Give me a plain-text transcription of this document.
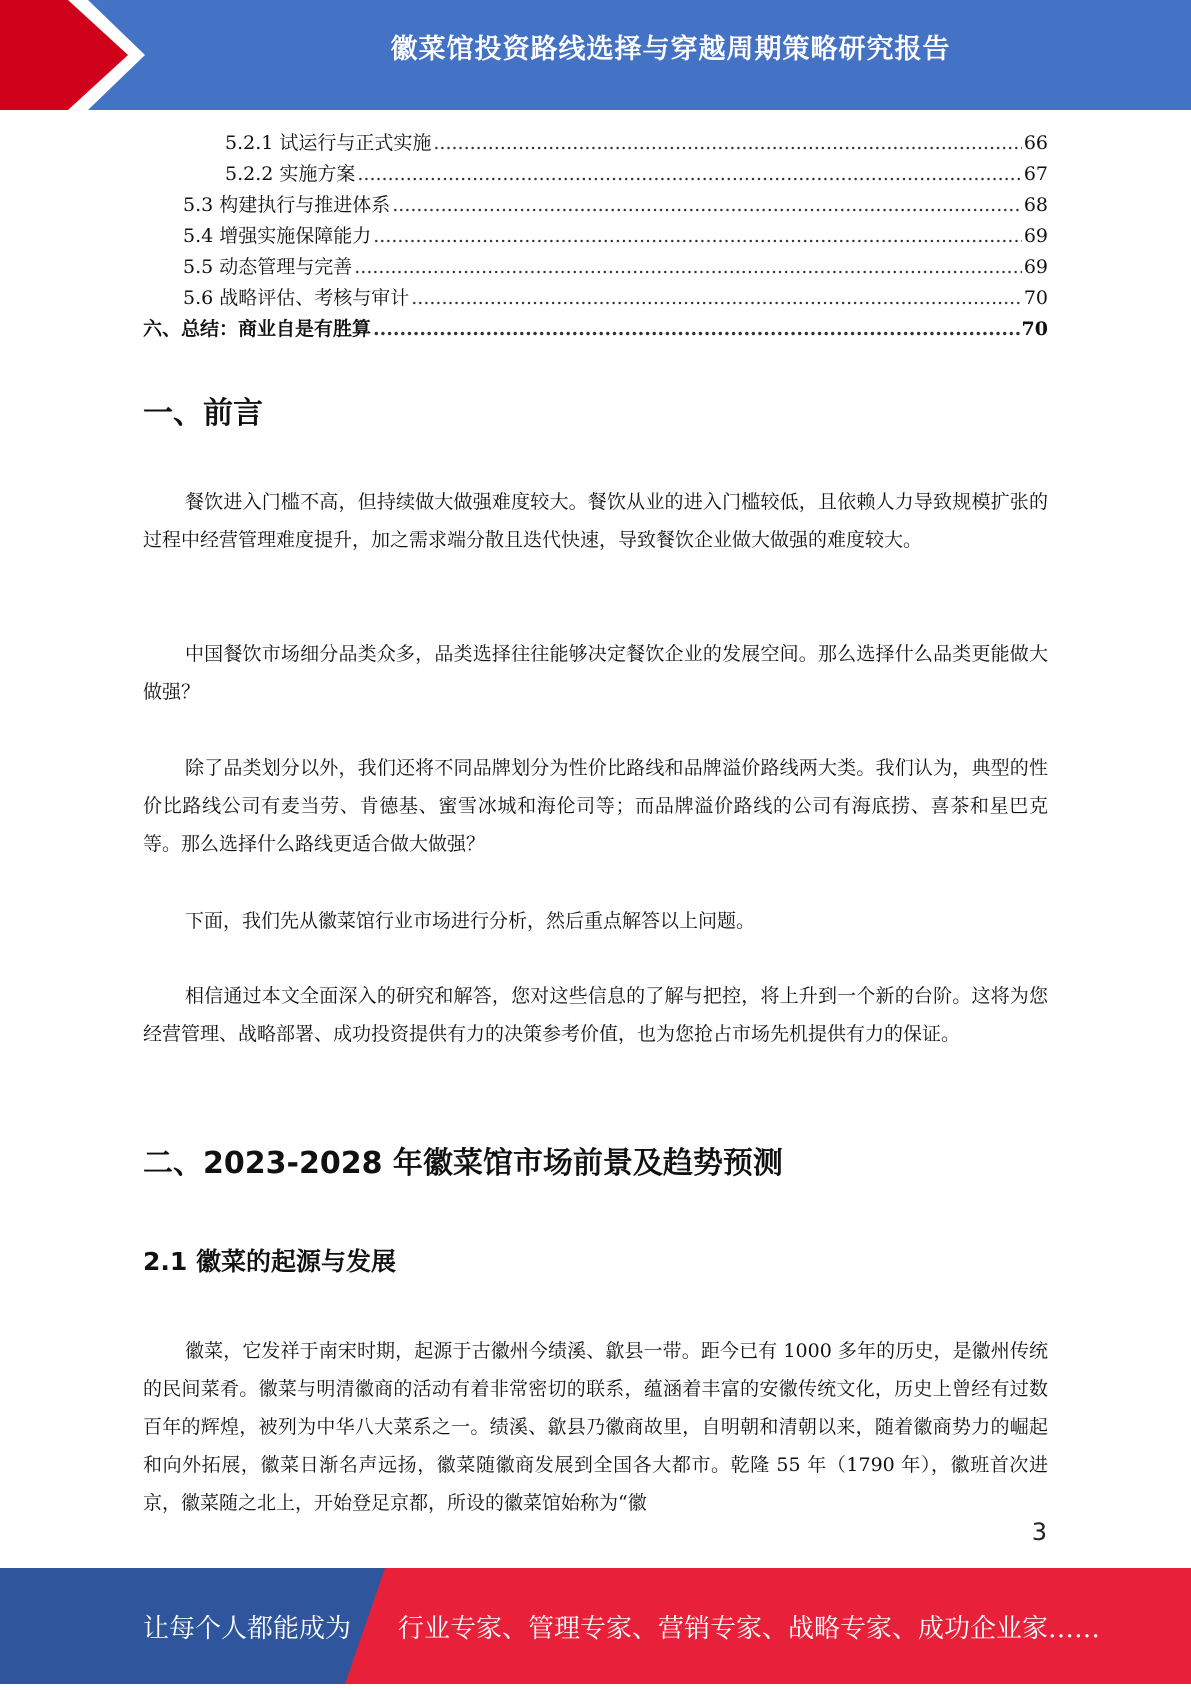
徽菜馆投资路线选择与穿越周期策略研究报告
5.2.1 试运行与正式实施 .....	66
5.2.2 实施方案 .....	67
5.3 构建执行与推进体系 .....	68
5.4 增强实施保障能力 .....	69
5.5 动态管理与完善 .....	69
5.6 战略评估、考核与审计 .....	70
六、总结：商业自是有胜算 .....	70
一、前言

餐饮进入门槛不高，但持续做大做强难度较大。餐饮从业的进入门槛较低，且依赖人力导致规模扩张的过程中经营管理难度提升，加之需求端分散且迭代快速，导致餐饮企业做大做强的难度较大。

中国餐饮市场细分品类众多，品类选择往往能够决定餐饮企业的发展空间。那么选择什么品类更能做大做强？

除了品类划分以外，我们还将不同品牌划分为性价比路线和品牌溢价路线两大类。我们认为，典型的性价比路线公司有麦当劳、肯德基、蜜雪冰城和海伦司等；而品牌溢价路线的公司有海底捞、喜茶和星巴克等。那么选择什么路线更适合做大做强？

下面，我们先从徽菜馆行业市场进行分析，然后重点解答以上问题。

相信通过本文全面深入的研究和解答，您对这些信息的了解与把控，将上升到一个新的台阶。这将为您经营管理、战略部署、成功投资提供有力的决策参考价值，也为您抢占市场先机提供有力的保证。

二、2023-2028 年徽菜馆市场前景及趋势预测
2.1 徽菜的起源与发展

徽菜，它发祥于南宋时期，起源于古徽州今绩溪、歙县一带。距今已有 1000 多年的历史，是徽州传统的民间菜肴。徽菜与明清徽商的活动有着非常密切的联系，蕴涵着丰富的安徽传统文化，历史上曾经有过数百年的辉煌，被列为中华八大菜系之一。绩溪、歙县乃徽商故里，自明朝和清朝以来，随着徽商势力的崛起和向外拓展，徽菜日渐名声远扬，徽菜随徽商发展到全国各大都市。乾隆 55 年（1790 年），徽班首次进京，徽菜随之北上，开始登足京都，所设的徽菜馆始称为“徽

3
让每个人都能成为 行业专家、管理专家、营销专家、战略专家、成功企业家……
